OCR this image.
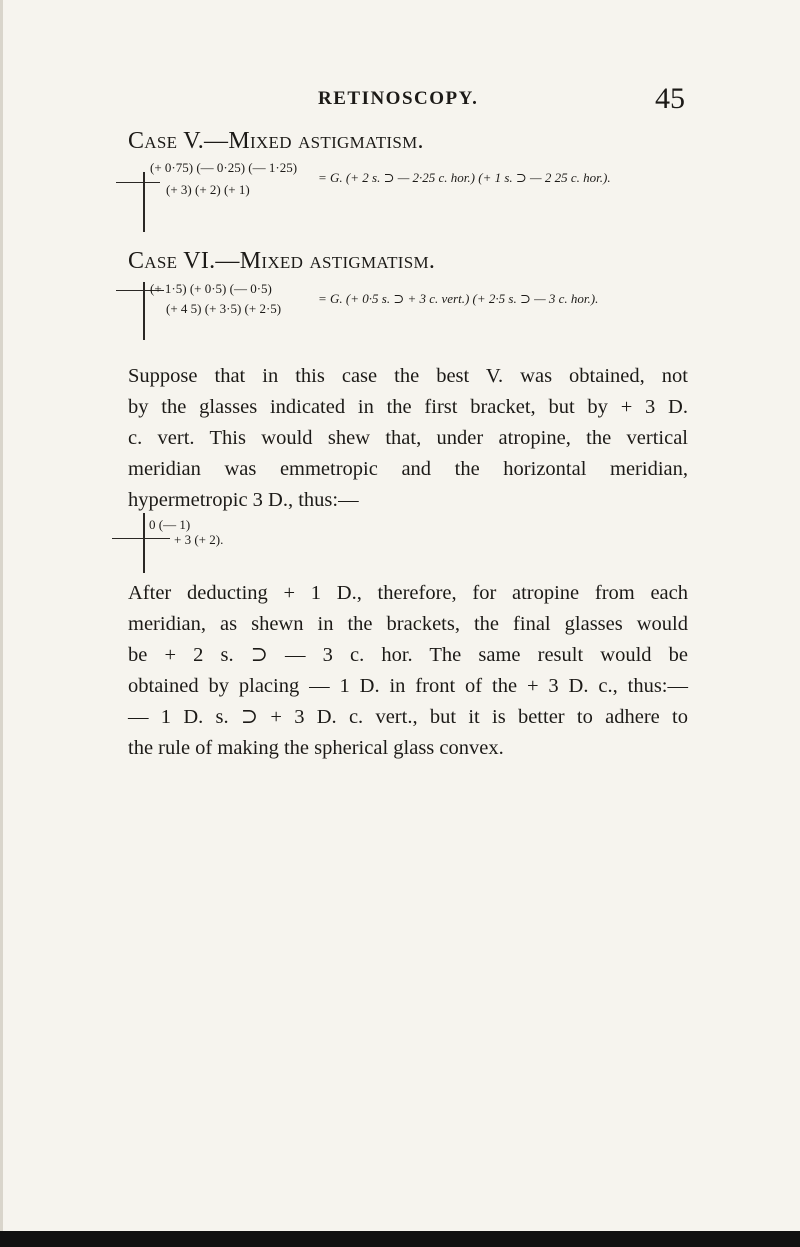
RETINOSCOPY.	45
Case V.—Mixed astigmatism.
(+ 0·75) (— 0·25) (— 1·25)
(+ 3) (+ 2) (+ 1)
= G. (+ 2 s. ⊃ — 2·25 c. hor.) (+ 1 s. ⊃ — 2 25 c. hor.).
Case VI.—Mixed astigmatism.
(+ 1·5) (+ 0·5) (— 0·5)
(+ 4 5) (+ 3·5) (+ 2·5)
= G. (+ 0·5 s. ⊃ + 3 c. vert.) (+ 2·5 s. ⊃ — 3 c. hor.).
Suppose that in this case the best V. was obtained, not
by the glasses indicated in the first bracket, but by + 3 D.
c. vert. This would shew that, under atropine, the vertical
meridian was emmetropic and the horizontal meridian,
hypermetropic 3 D., thus:—
0 (— 1)
+ 3 (+ 2).
After deducting + 1 D., therefore, for atropine from each
meridian, as shewn in the brackets, the final glasses would
be + 2 s. ⊃ — 3 c. hor. The same result would be
obtained by placing — 1 D. in front of the + 3 D. c., thus:—
— 1 D. s. ⊃ + 3 D. c. vert., but it is better to adhere to
the rule of making the spherical glass convex.
